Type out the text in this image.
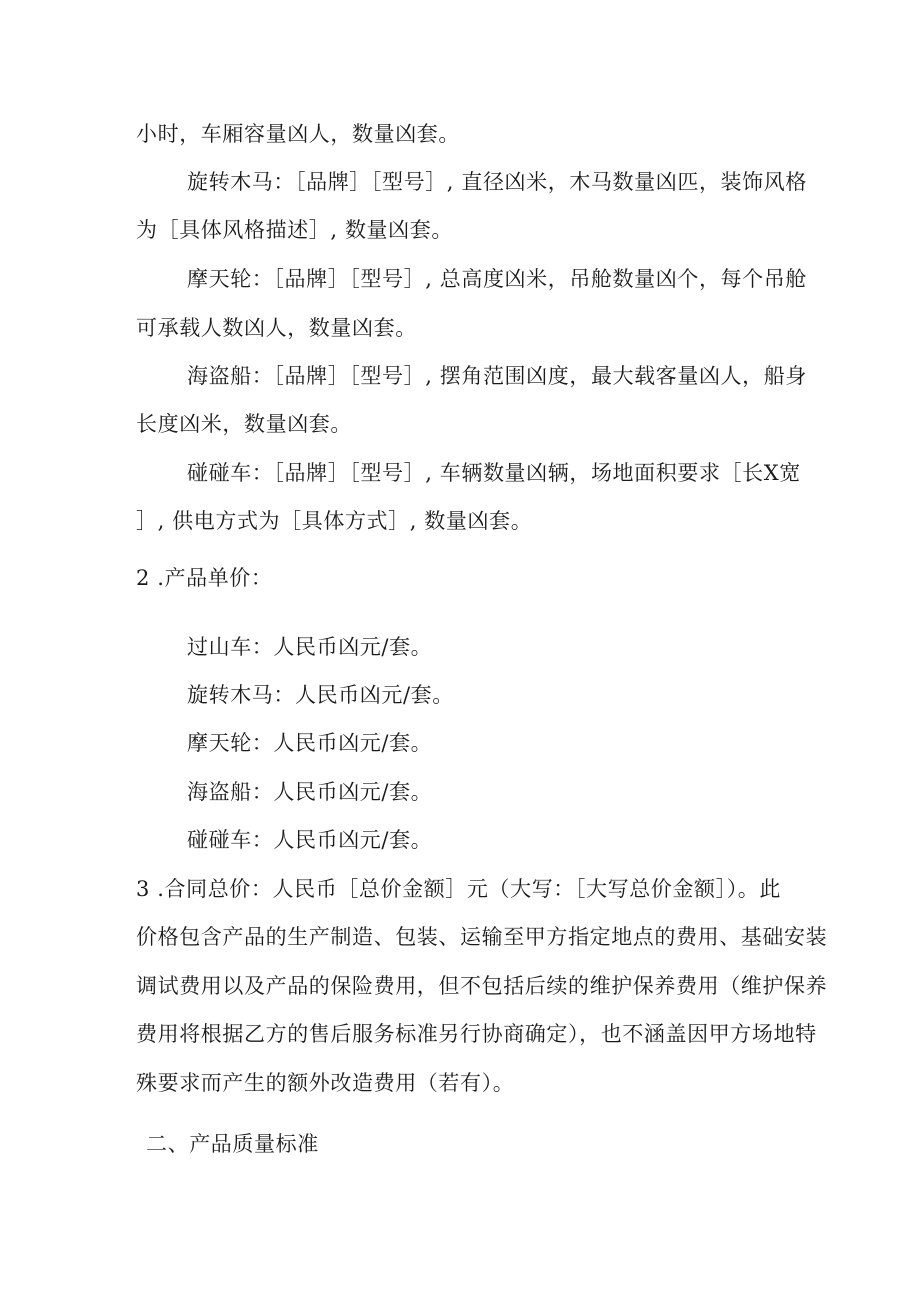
小时，车厢容量凶人，数量凶套。

旋转木马：［品牌］［型号］, 直径凶米，木马数量凶匹，装饰风格

为［具体风格描述］, 数量凶套。

摩天轮：［品牌］［型号］, 总高度凶米，吊舱数量凶个，每个吊舱

可承载人数凶人，数量凶套。

海盗船：［品牌］［型号］, 摆角范围凶度，最大载客量凶人，船身

长度凶米，数量凶套。

碰碰车：［品牌］［型号］, 车辆数量凶辆，场地面积要求［长X宽

］, 供电方式为［具体方式］, 数量凶套。

2 .产品单价：

过山车：人民币凶元/套。

旋转木马：人民币凶元/套。

摩天轮：人民币凶元/套。

海盗船：人民币凶元/套。

碰碰车：人民币凶元/套。

3 .合同总价：人民币［总价金额］元（大写：［大写总价金额］）。此

价格包含产品的生产制造、包装、运输至甲方指定地点的费用、基础安装

调试费用以及产品的保险费用，但不包括后续的维护保养费用（维护保养

费用将根据乙方的售后服务标准另行协商确定），也不涵盖因甲方场地特

殊要求而产生的额外改造费用（若有）。

二、产品质量标准
